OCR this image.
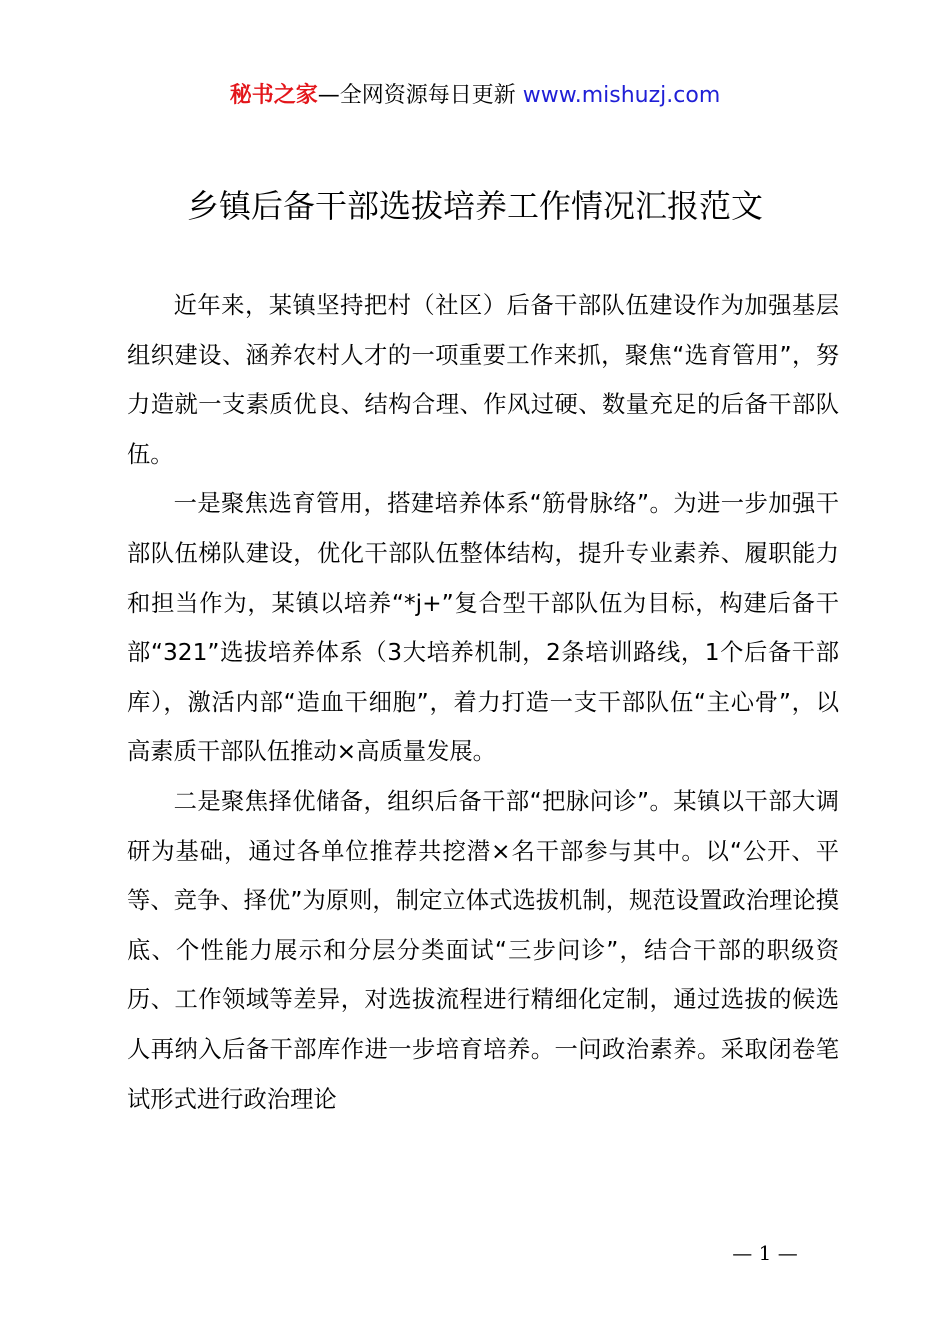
秘书之家—全网资源每日更新 www.mishuzj.com
乡镇后备干部选拔培养工作情况汇报范文

近年来，某镇坚持把村（社区）后备干部队伍建设作为加强基层组织建设、涵养农村人才的一项重要工作来抓，聚焦“选育管用”，努力造就一支素质优良、结构合理、作风过硬、数量充足的后备干部队伍。

一是聚焦选育管用，搭建培养体系“筋骨脉络”。为进一步加强干部队伍梯队建设，优化干部队伍整体结构，提升专业素养、履职能力和担当作为，某镇以培养“*j+”复合型干部队伍为目标，构建后备干部“321”选拔培养体系（3大培养机制，2条培训路线，1个后备干部库），激活内部“造血干细胞”，着力打造一支干部队伍“主心骨”，以高素质干部队伍推动×高质量发展。

二是聚焦择优储备，组织后备干部“把脉问诊”。某镇以干部大调研为基础，通过各单位推荐共挖潜×名干部参与其中。以“公开、平等、竞争、择优”为原则，制定立体式选拔机制，规范设置政治理论摸底、个性能力展示和分层分类面试“三步问诊”，结合干部的职级资历、工作领域等差异，对选拔流程进行精细化定制，通过选拔的候选人再纳入后备干部库作进一步培育培养。一问政治素养。采取闭卷笔试形式进行政治理论

— 1 —
